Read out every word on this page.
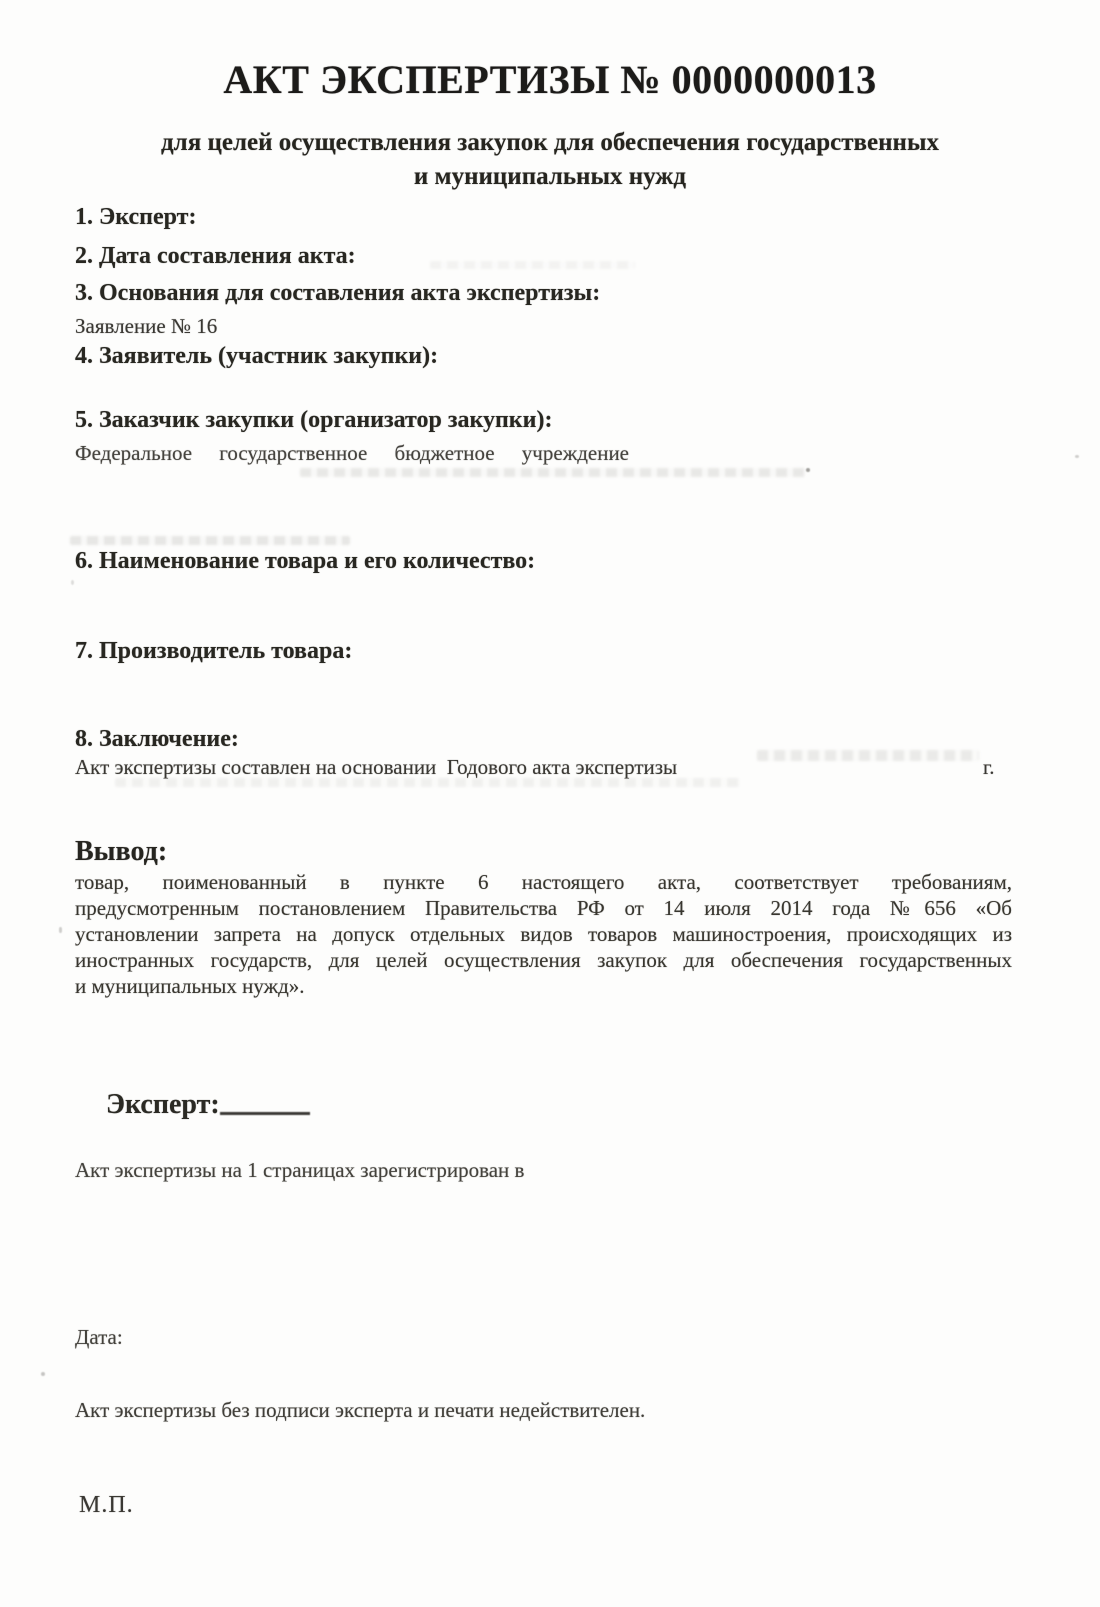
АКТ ЭКСПЕРТИЗЫ № 0000000013
для целей осуществления закупок для обеспечения государственных
и муниципальных нужд
1. Эксперт:
2. Дата составления акта:
3. Основания для составления акта экспертизы:
Заявление № 16
4. Заявитель (участник закупки):
5. Заказчик закупки (организатор закупки):
Федеральное государственное бюджетное учреждение
6. Наименование товара и его количество:
7. Производитель товара:
8. Заключение:
Акт экспертизы составлен на основании  Годового акта экспертизы	г.
Вывод:
товар, поименованный в пункте 6 настоящего акта, соответствует требованиям,
предусмотренным постановлением Правительства РФ от 14 июля 2014 года №656 «Об
установлении запрета на допуск отдельных видов товаров машиностроения, происходящих из
иностранных государств, для целей осуществления закупок для обеспечения государственных
и муниципальных нужд».

Эксперт:

Акт экспертизы на 1 страницах зарегистрирован в
Дата:
Акт экспертизы без подписи эксперта и печати недействителен.
М.П.
